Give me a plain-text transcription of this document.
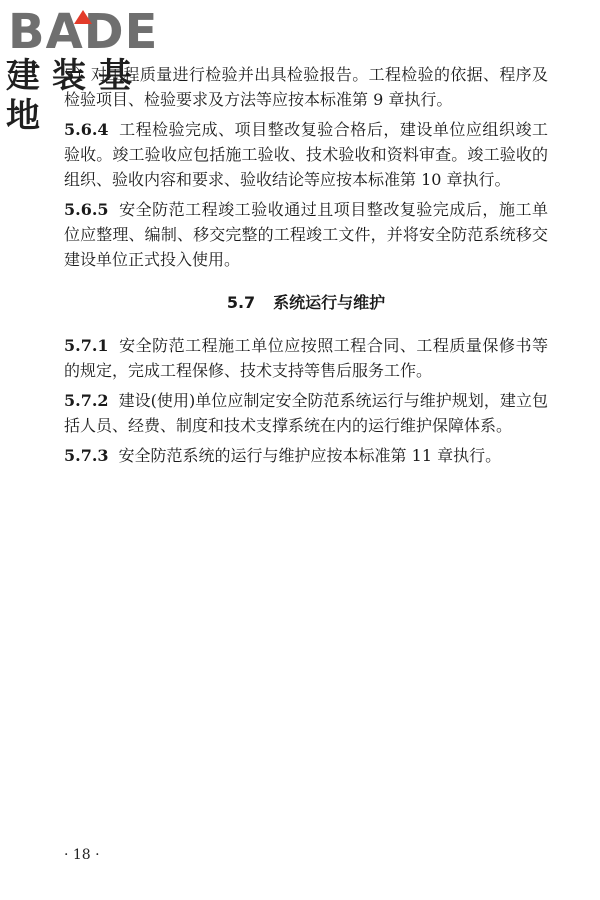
BADE
建装基地

5）对工程质量进行检验并出具检验报告。工程检验的依据、程序及检验项目、检验要求及方法等应按本标准第 9 章执行。

5.6.4 工程检验完成、项目整改复验合格后，建设单位应组织竣工验收。竣工验收应包括施工验收、技术验收和资料审查。竣工验收的组织、验收内容和要求、验收结论等应按本标准第 10 章执行。

5.6.5 安全防范工程竣工验收通过且项目整改复验完成后，施工单位应整理、编制、移交完整的工程竣工文件，并将安全防范系统移交建设单位正式投入使用。

5.7 系统运行与维护

5.7.1 安全防范工程施工单位应按照工程合同、工程质量保修书等的规定，完成工程保修、技术支持等售后服务工作。

5.7.2 建设(使用)单位应制定安全防范系统运行与维护规划，建立包括人员、经费、制度和技术支撑系统在内的运行维护保障体系。

5.7.3 安全防范系统的运行与维护应按本标准第 11 章执行。

· 18 ·
